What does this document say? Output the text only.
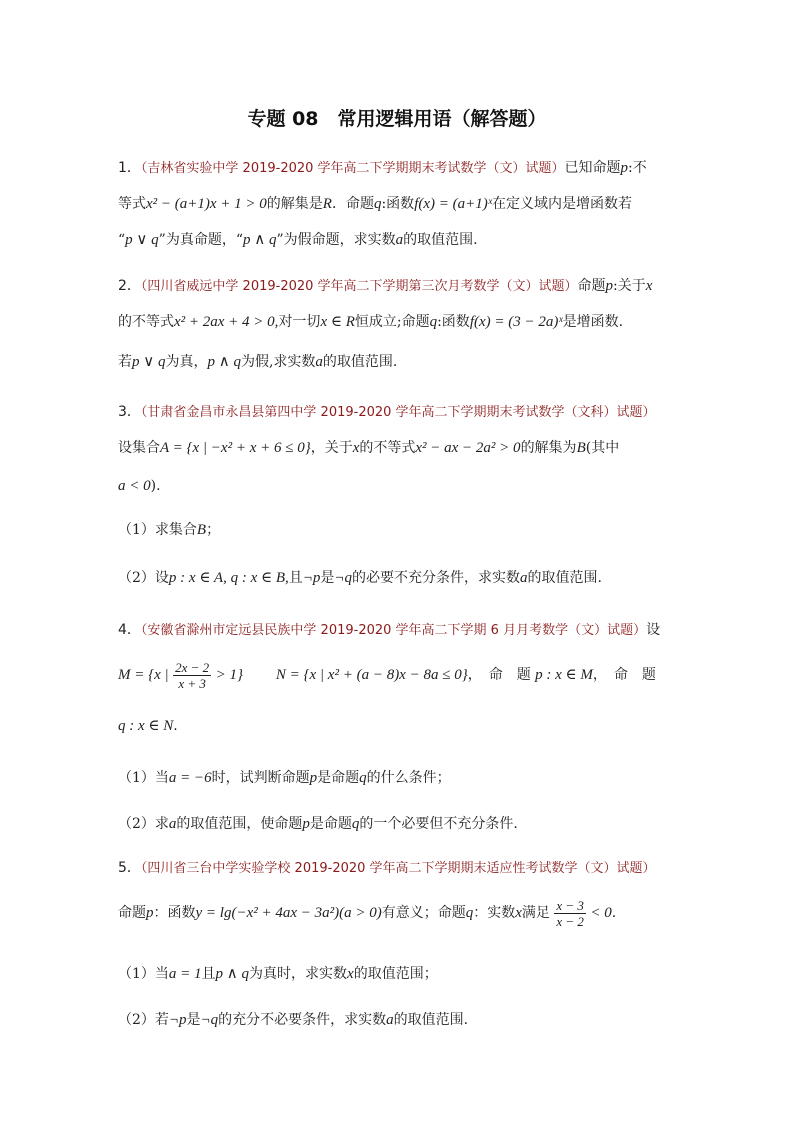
专题 08　常用逻辑用语（解答题）
1．（吉林省实验中学 2019-2020 学年高二下学期期末考试数学（文）试题）已知命题p:不
等式x² − (a+1)x + 1 > 0的解集是R．命题q:函数f(x) = (a+1)ˣ在定义域内是增函数若
“p ∨ q”为真命题，“p ∧ q”为假命题，求实数a的取值范围.
2．（四川省威远中学 2019-2020 学年高二下学期第三次月考数学（文）试题）命题p:关于x
的不等式x² + 2ax + 4 > 0,对一切x ∈ R恒成立;命题q:函数f(x) = (3 − 2a)ˣ是增函数.
若p ∨ q为真，p ∧ q为假,求实数a的取值范围.
3．（甘肃省金昌市永昌县第四中学 2019-2020 学年高二下学期期末考试数学（文科）试题）
设集合A = {x | −x² + x + 6 ≤ 0}，关于x的不等式x² − ax − 2a² > 0的解集为B(其中
a < 0).
（1）求集合B；
（2）设p : x ∈ A, q : x ∈ B,且¬p是¬q的必要不充分条件，求实数a的取值范围.
4．（安徽省滁州市定远县民族中学 2019-2020 学年高二下学期 6 月月考数学（文）试题）设
M = {x | $\frac{2x - 2}{x + 3} > 1$} N = {x | x² + (a − 8)x − 8a ≤ 0}，　命　题 p : x ∈ M，　命　题
q : x ∈ N.
（1）当a = −6时，试判断命题p是命题q的什么条件；
（2）求a的取值范围，使命题p是命题q的一个必要但不充分条件.
5．（四川省三台中学实验学校 2019-2020 学年高二下学期期末适应性考试数学（文）试题）
命题p：函数y = lg(−x² + 4ax − 3a²)(a > 0)有意义；命题q：实数x满足 $\frac{x - 3}{x - 2} < 0$.
（1）当a = 1且p ∧ q为真时，求实数x的取值范围；
（2）若¬p是¬q的充分不必要条件，求实数a的取值范围.
